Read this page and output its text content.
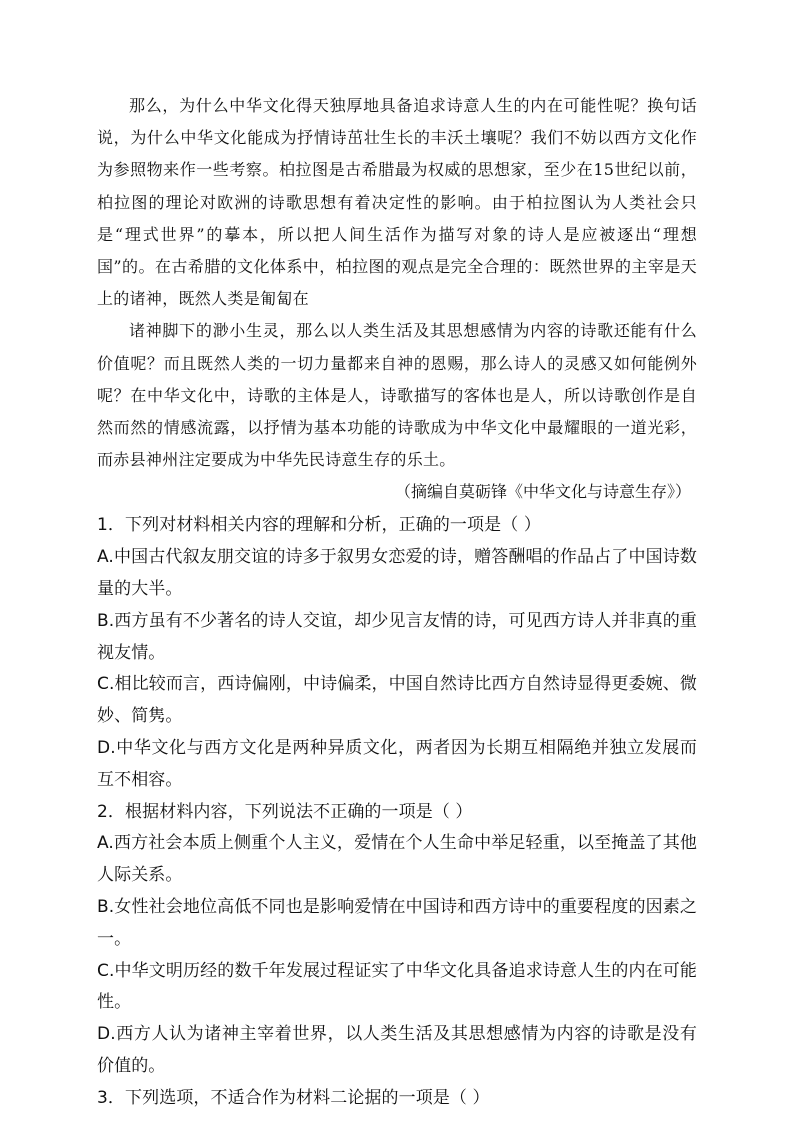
那么，为什么中华文化得天独厚地具备追求诗意人生的内在可能性呢？换句话说，为什么中华文化能成为抒情诗茁壮生长的丰沃土壤呢？我们不妨以西方文化作为参照物来作一些考察。柏拉图是古希腊最为权威的思想家，至少在15世纪以前，柏拉图的理论对欧洲的诗歌思想有着决定性的影响。由于柏拉图认为人类社会只是“理式世界”的摹本，所以把人间生活作为描写对象的诗人是应被逐出“理想国”的。在古希腊的文化体系中，柏拉图的观点是完全合理的：既然世界的主宰是天上的诸神，既然人类是匍匐在

诸神脚下的渺小生灵，那么以人类生活及其思想感情为内容的诗歌还能有什么价值呢？而且既然人类的一切力量都来自神的恩赐，那么诗人的灵感又如何能例外呢？在中华文化中，诗歌的主体是人，诗歌描写的客体也是人，所以诗歌创作是自然而然的情感流露，以抒情为基本功能的诗歌成为中华文化中最耀眼的一道光彩，而赤县神州注定要成为中华先民诗意生存的乐土。

（摘编自莫砺锋《中华文化与诗意生存》）

1．下列对材料相关内容的理解和分析，正确的一项是（ ）

A.中国古代叙友朋交谊的诗多于叙男女恋爱的诗，赠答酬唱的作品占了中国诗数量的大半。

B.西方虽有不少著名的诗人交谊，却少见言友情的诗，可见西方诗人并非真的重视友情。

C.相比较而言，西诗偏刚，中诗偏柔，中国自然诗比西方自然诗显得更委婉、微妙、简隽。

D.中华文化与西方文化是两种异质文化，两者因为长期互相隔绝并独立发展而互不相容。

2．根据材料内容，下列说法不正确的一项是（ ）

A.西方社会本质上侧重个人主义，爱情在个人生命中举足轻重，以至掩盖了其他人际关系。

B.女性社会地位高低不同也是影响爱情在中国诗和西方诗中的重要程度的因素之一。

C.中华文明历经的数千年发展过程证实了中华文化具备追求诗意人生的内在可能性。

D.西方人认为诸神主宰着世界，以人类生活及其思想感情为内容的诗歌是没有价值的。

3．下列选项，不适合作为材料二论据的一项是（ ）
